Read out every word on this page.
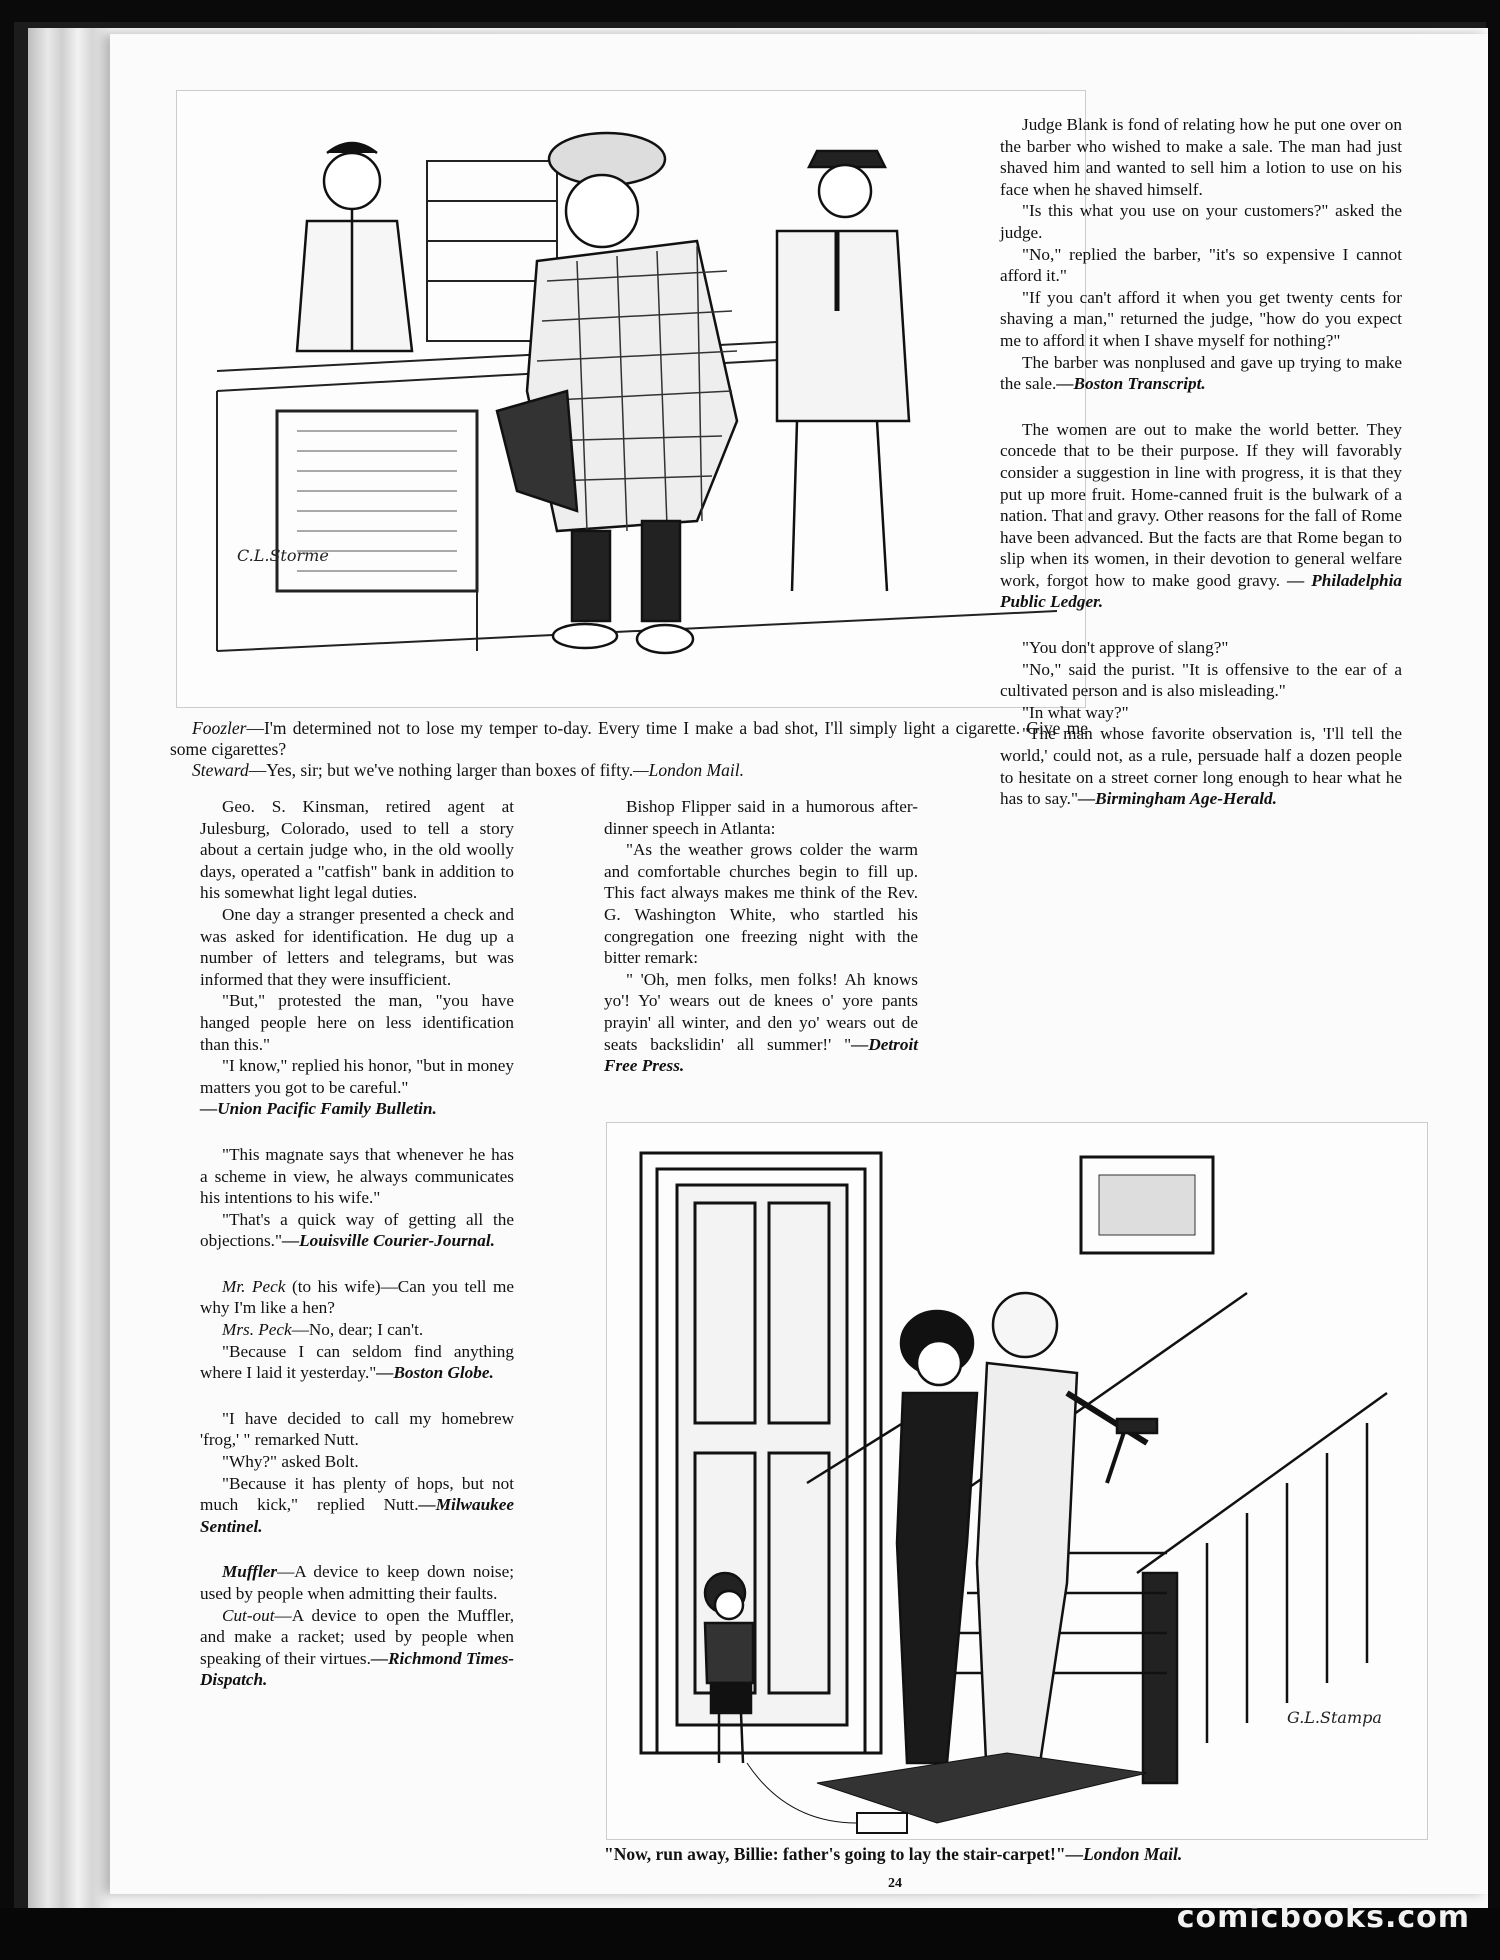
C.L.Storme

Foozler—I'm determined not to lose my temper to-day. Every time I make a bad shot, I'll simply light a cigarette. Give me some cigarettes?

Steward—Yes, sir; but we've nothing larger than boxes of fifty.—London Mail.

Judge Blank is fond of relating how he put one over on the barber who wished to make a sale. The man had just shaved him and wanted to sell him a lotion to use on his face when he shaved himself.

"Is this what you use on your customers?" asked the judge.

"No," replied the barber, "it's so expensive I cannot afford it."

"If you can't afford it when you get twenty cents for shaving a man," returned the judge, "how do you expect me to afford it when I shave myself for nothing?"

The barber was nonplused and gave up trying to make the sale.—Boston Transcript.

The women are out to make the world better. They concede that to be their purpose. If they will favorably consider a suggestion in line with progress, it is that they put up more fruit. Home-canned fruit is the bulwark of a nation. That and gravy. Other reasons for the fall of Rome have been advanced. But the facts are that Rome began to slip when its women, in their devotion to general welfare work, forgot how to make good gravy. — Philadelphia Public Ledger.

"You don't approve of slang?"

"No," said the purist. "It is offensive to the ear of a cultivated person and is also misleading."

"In what way?"

"The man whose favorite observation is, 'I'll tell the world,' could not, as a rule, persuade half a dozen people to hesitate on a street corner long enough to hear what he has to say."—Birmingham Age-Herald.

Geo. S. Kinsman, retired agent at Julesburg, Colorado, used to tell a story about a certain judge who, in the old woolly days, operated a "catfish" bank in addition to his somewhat light legal duties.

One day a stranger presented a check and was asked for identification. He dug up a number of letters and telegrams, but was informed that they were insufficient.

"But," protested the man, "you have hanged people here on less identification than this."

"I know," replied his honor, "but in money matters you got to be careful."

—Union Pacific Family Bulletin.

"This magnate says that whenever he has a scheme in view, he always communicates his intentions to his wife."

"That's a quick way of getting all the objections."—Louisville Courier-Journal.

Mr. Peck (to his wife)—Can you tell me why I'm like a hen?

Mrs. Peck—No, dear; I can't.

"Because I can seldom find anything where I laid it yesterday."—Boston Globe.

"I have decided to call my homebrew 'frog,' " remarked Nutt.

"Why?" asked Bolt.

"Because it has plenty of hops, but not much kick," replied Nutt.—Milwaukee Sentinel.

Muffler—A device to keep down noise; used by people when admitting their faults.

Cut-out—A device to open the Muffler, and make a racket; used by people when speaking of their virtues.—Richmond Times-Dispatch.

Bishop Flipper said in a humorous after-dinner speech in Atlanta:

"As the weather grows colder the warm and comfortable churches begin to fill up. This fact always makes me think of the Rev. G. Washington White, who startled his congregation one freezing night with the bitter remark:

" 'Oh, men folks, men folks! Ah knows yo'! Yo' wears out de knees o' yore pants prayin' all winter, and den yo' wears out de seats backslidin' all summer!' "—Detroit Free Press.

G.L.Stampa
"Now, run away, Billie: father's going to lay the stair-carpet!"—London Mail.
24
comicbooks.com
